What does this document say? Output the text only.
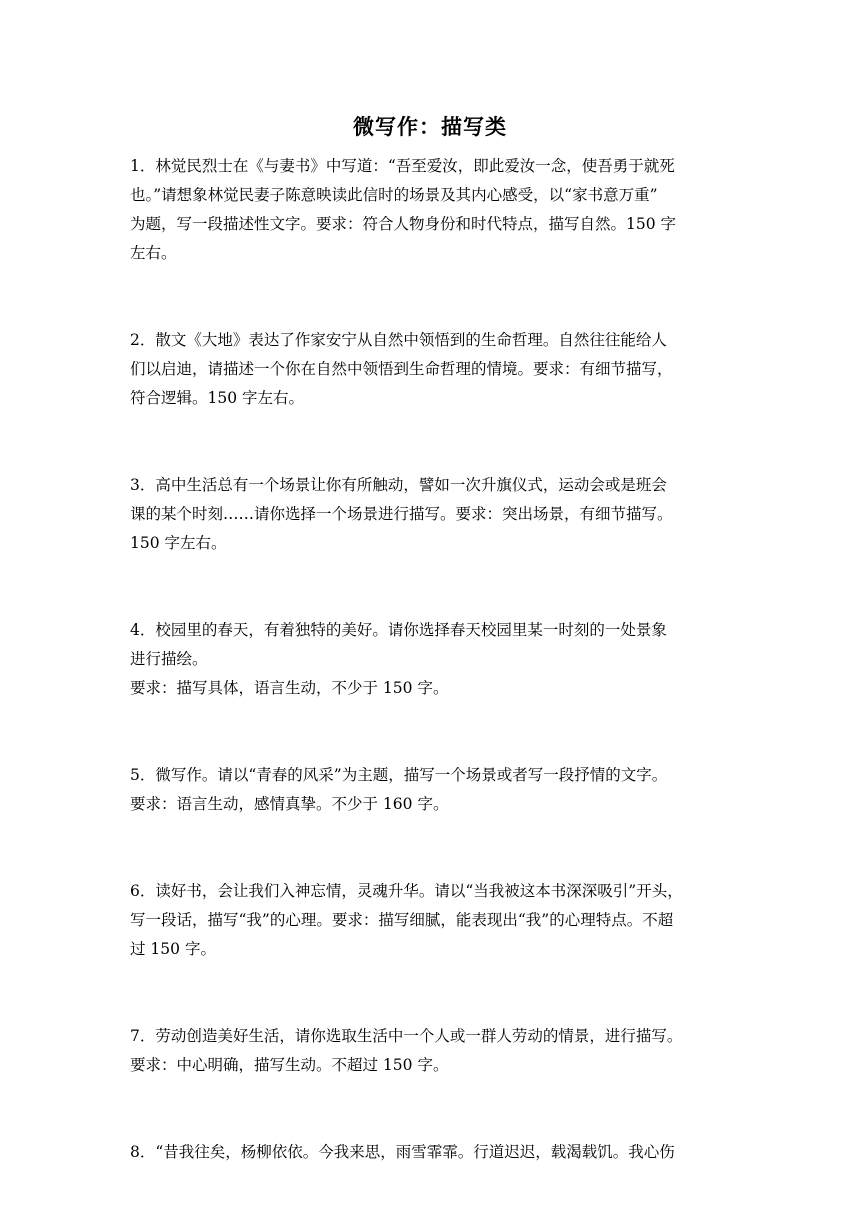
微写作：描写类

1．林觉民烈士在《与妻书》中写道：“吾至爱汝，即此爱汝一念，使吾勇于就死
也。”请想象林觉民妻子陈意映读此信时的场景及其内心感受，以“家书意万重”
为题，写一段描述性文字。要求：符合人物身份和时代特点，描写自然。150 字
左右。

2．散文《大地》表达了作家安宁从自然中领悟到的生命哲理。自然往往能给人
们以启迪，请描述一个你在自然中领悟到生命哲理的情境。要求：有细节描写，
符合逻辑。150 字左右。

3．高中生活总有一个场景让你有所触动，譬如一次升旗仪式，运动会或是班会
课的某个时刻……请你选择一个场景进行描写。要求：突出场景，有细节描写。
150 字左右。

4．校园里的春天，有着独特的美好。请你选择春天校园里某一时刻的一处景象
进行描绘。
要求：描写具体，语言生动，不少于 150 字。

5．微写作。请以“青春的风采”为主题，描写一个场景或者写一段抒情的文字。
要求：语言生动，感情真挚。不少于 160 字。

6．读好书，会让我们入神忘情，灵魂升华。请以“当我被这本书深深吸引”开头，
写一段话，描写“我”的心理。要求：描写细腻，能表现出“我”的心理特点。不超
过 150 字。

7．劳动创造美好生活，请你选取生活中一个人或一群人劳动的情景，进行描写。
要求：中心明确，描写生动。不超过 150 字。

8．“昔我往矣，杨柳依依。今我来思，雨雪霏霏。行道迟迟，载渴载饥。我心伤
